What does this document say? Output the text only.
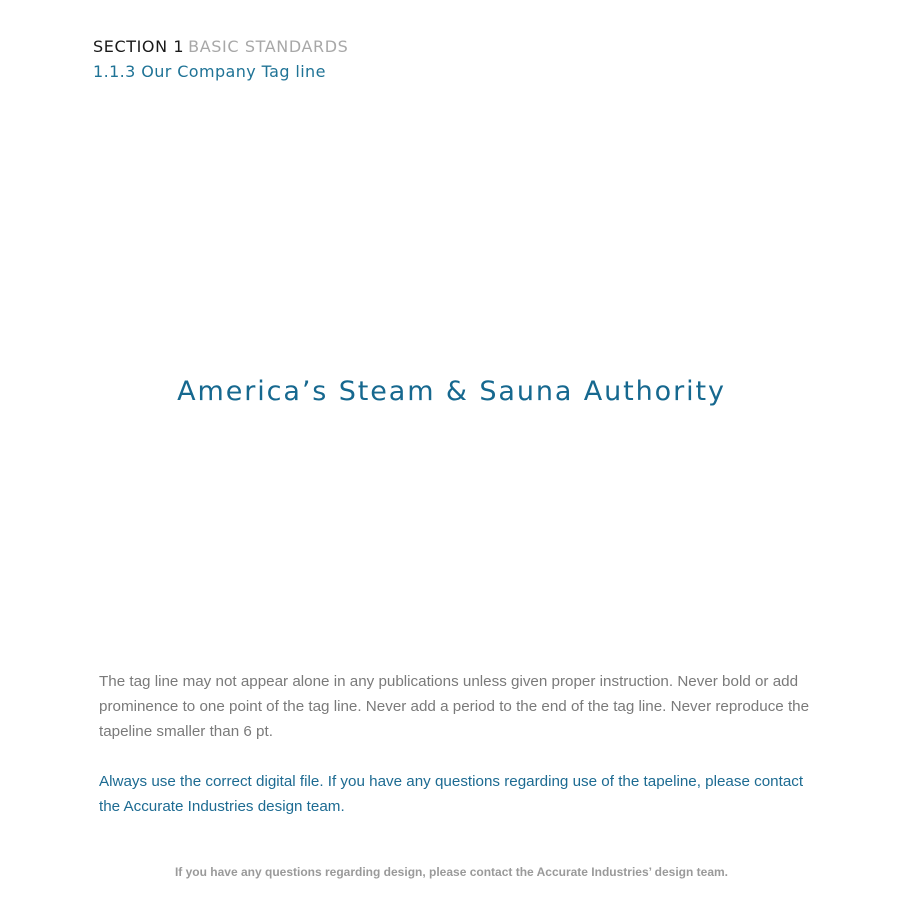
SECTION 1 BASIC STANDARDS
1.1.3 Our Company Tag line
America’s Steam & Sauna Authority
The tag line may not appear alone in any publications unless given proper instruction. Never bold or add prominence to one point of the tag line. Never add a period to the end of the tag line. Never reproduce the tapeline smaller than 6 pt.
Always use the correct digital file. If you have any questions regarding use of the tapeline, please contact the Accurate Industries design team.
If you have any questions regarding design, please contact the Accurate Industries’ design team.
